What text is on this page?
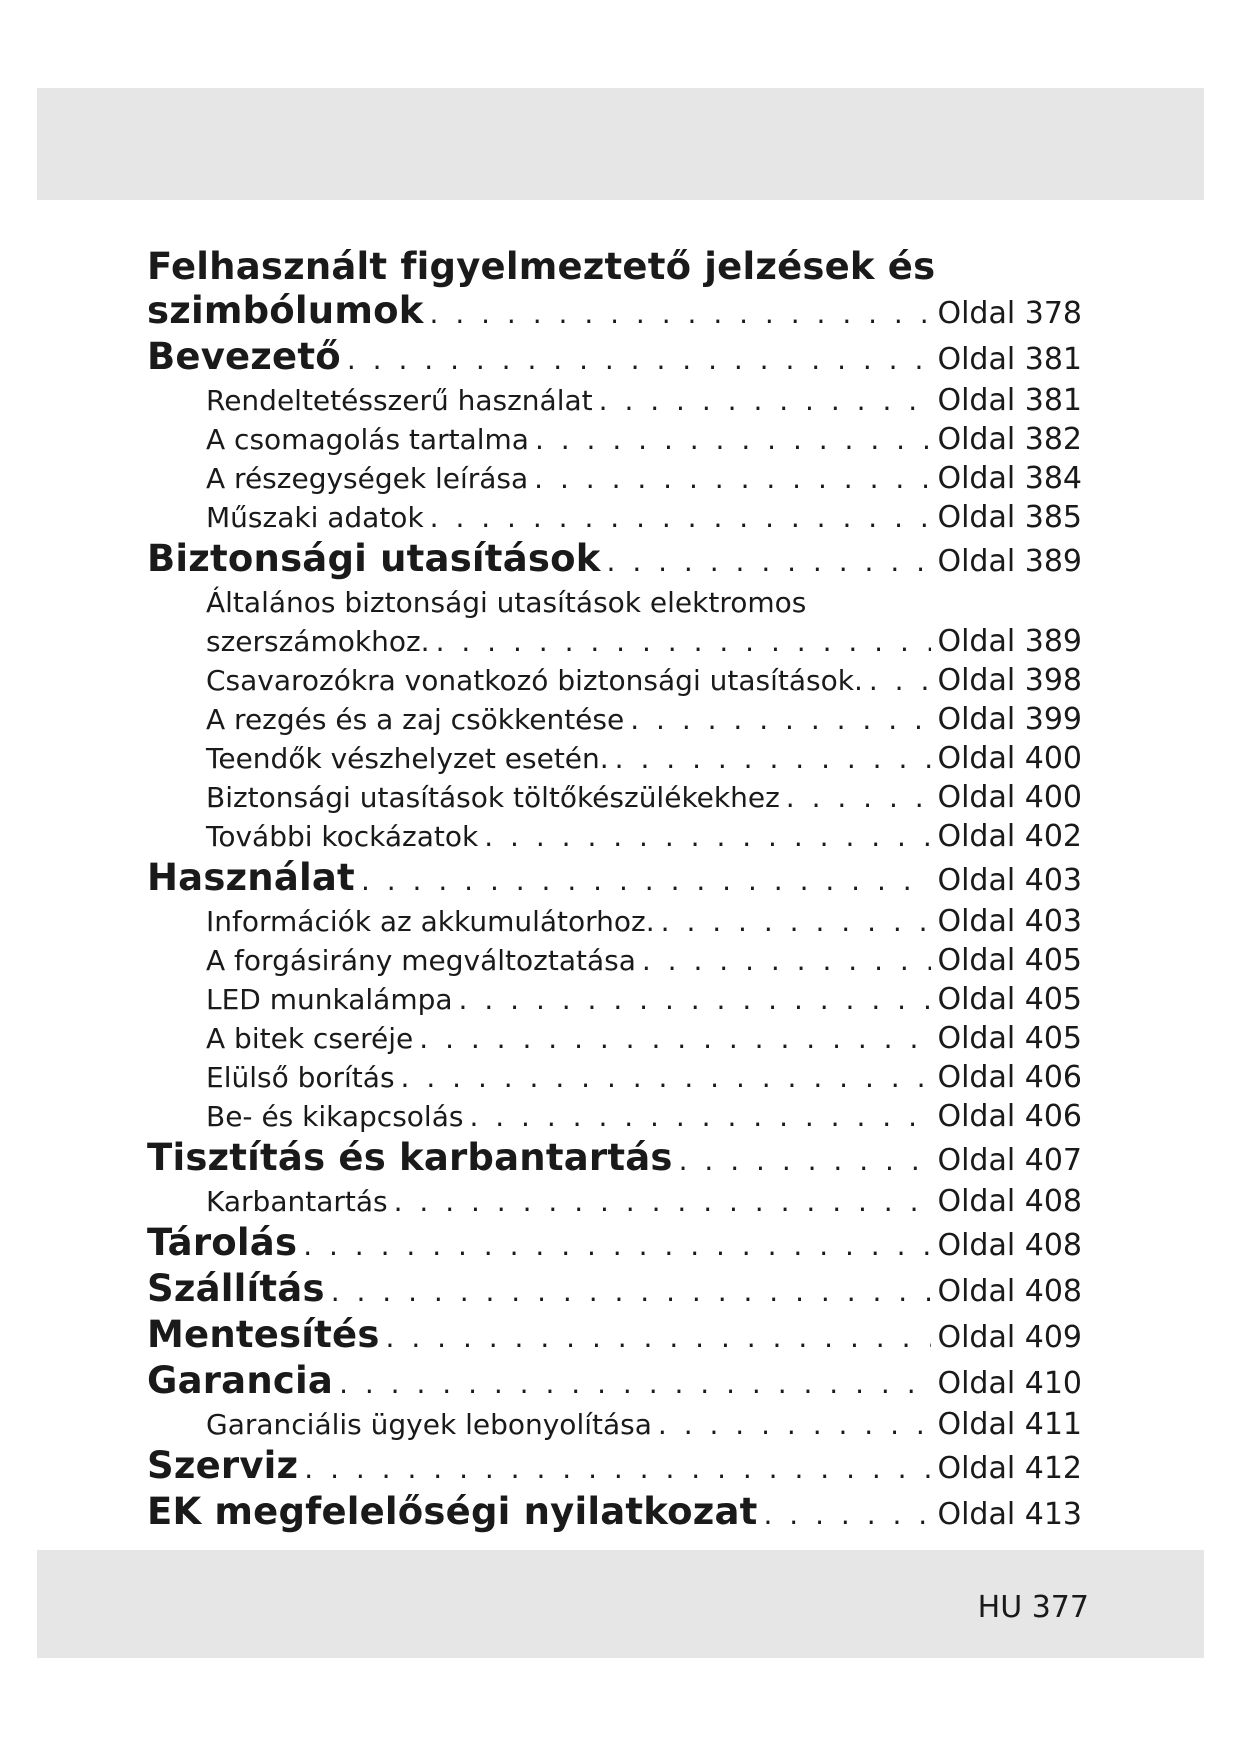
Felhasznált figyelmeztető jelzések és
szimbólumok . . .	Oldal 378
Bevezető . . .	Oldal 381
Rendeltetésszerű használat . . .	Oldal 381
A csomagolás tartalma . . .	Oldal 382
A részegységek leírása . . .	Oldal 384
Műszaki adatok . . .	Oldal 385
Biztonsági utasítások . . .	Oldal 389
Általános biztonsági utasítások elektromos
szerszámokhoz. . . .	Oldal 389
Csavarozókra vonatkozó biztonsági utasítások. . . . Oldal 398
A rezgés és a zaj csökkentése . . .	Oldal 399
Teendők vészhelyzet esetén. . . .	Oldal 400
Biztonsági utasítások töltőkészülékekhez . . .	Oldal 400
További kockázatok . . .	Oldal 402
Használat . . .	Oldal 403
Információk az akkumulátorhoz. . . .	Oldal 403
A forgásirány megváltoztatása . . .	Oldal 405
LED munkalámpa . . .	Oldal 405
A bitek cseréje . . .	Oldal 405
Elülső borítás . . .	Oldal 406
Be- és kikapcsolás . . .	Oldal 406
Tisztítás és karbantartás . . .	Oldal 407
Karbantartás . . .	Oldal 408
Tárolás . . .	Oldal 408
Szállítás . . .	Oldal 408
Mentesítés . . .	Oldal 409
Garancia . . .	Oldal 410
Garanciális ügyek lebonyolítása . . .	Oldal 411
Szerviz . . .	Oldal 412
EK megfelelőségi nyilatkozat . . .	Oldal 413
HU 377
